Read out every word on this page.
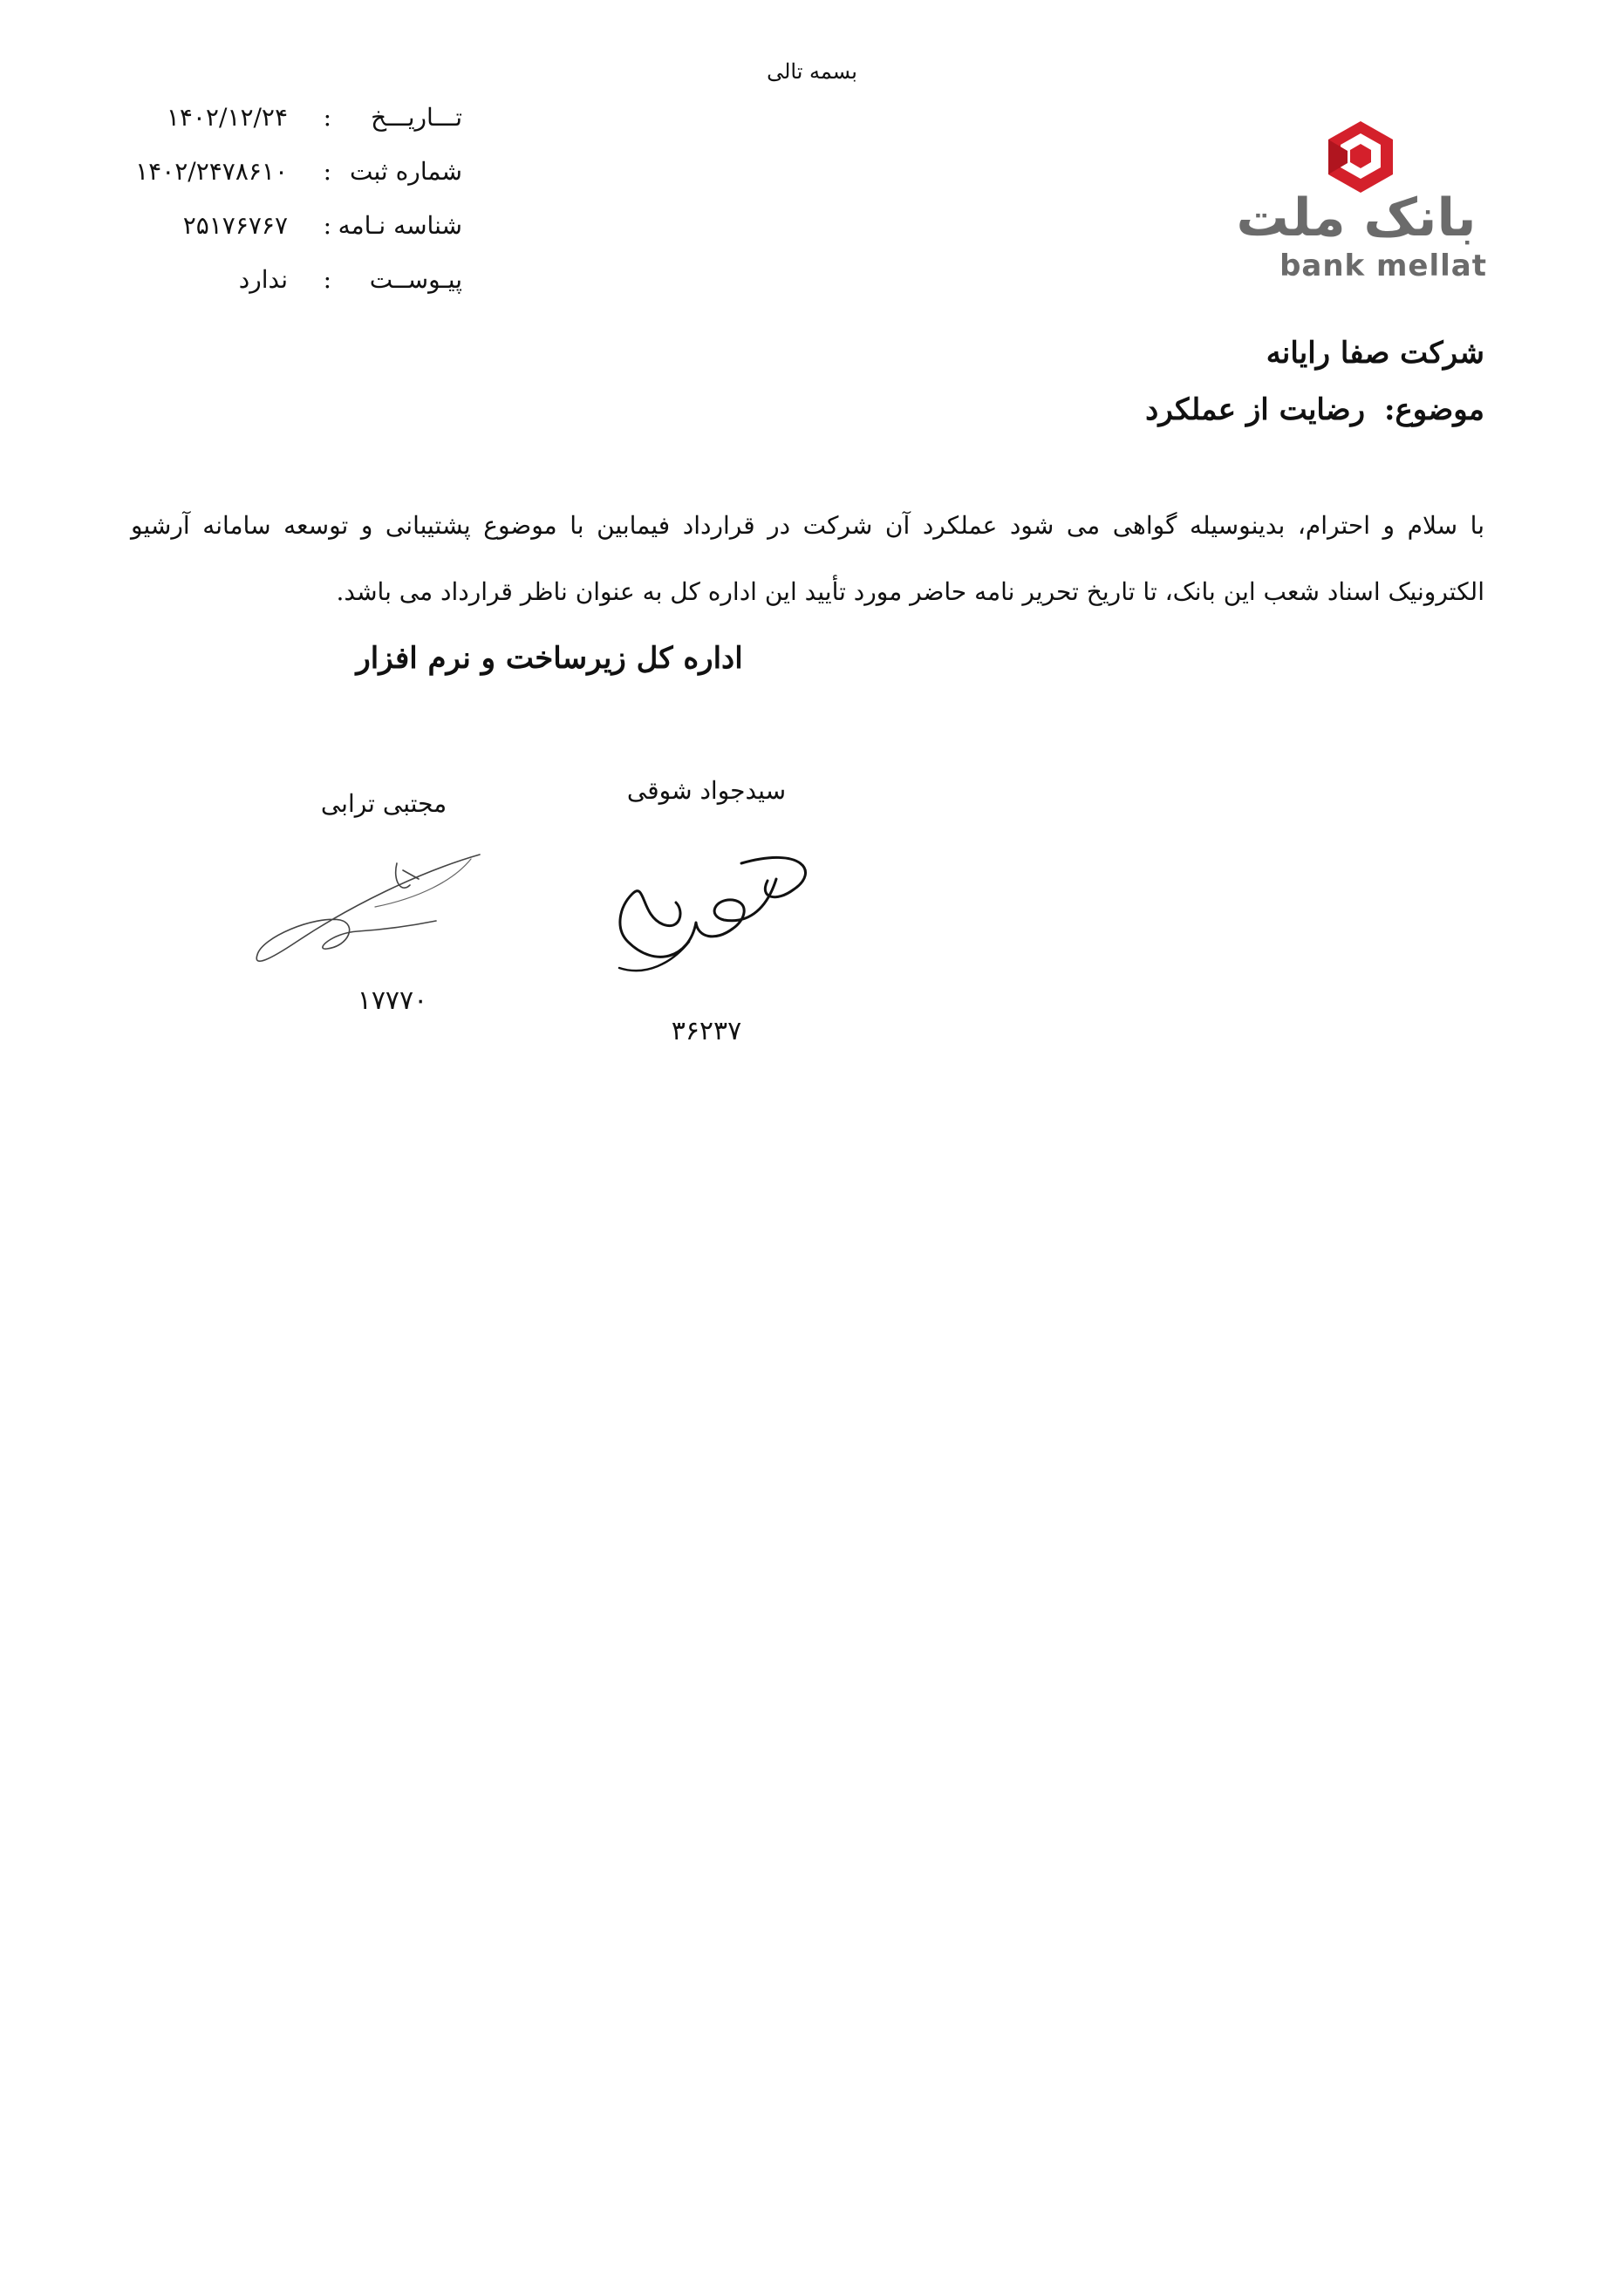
بسمه تالی
تـــاریـــخ
:
۱۴۰۲/۱۲/۲۴
شماره ثبت
:
۱۴۰۲/۲۴۷۸۶۱۰
شناسه نـامه
:
۲۵۱۷۶۷۶۷
پیـوســت
:
ندارد
بانک ملت
bank mellat
شرکت صفا رایانه
موضوع: رضایت از عملکرد
با سلام و احترام، بدینوسیله گواهی می شود عملکرد آن شرکت در قرارداد فیمابین با موضوع پشتیبانی و توسعه سامانه آرشیو الکترونیک اسناد شعب این بانک، تا تاریخ تحریر نامه حاضر مورد تأیید این اداره کل به عنوان ناظر قرارداد می باشد.
اداره کل زیرساخت و نرم افزار
سیدجواد شوقی
۳۶۲۳۷
مجتبی ترابی
۱۷۷۷۰
